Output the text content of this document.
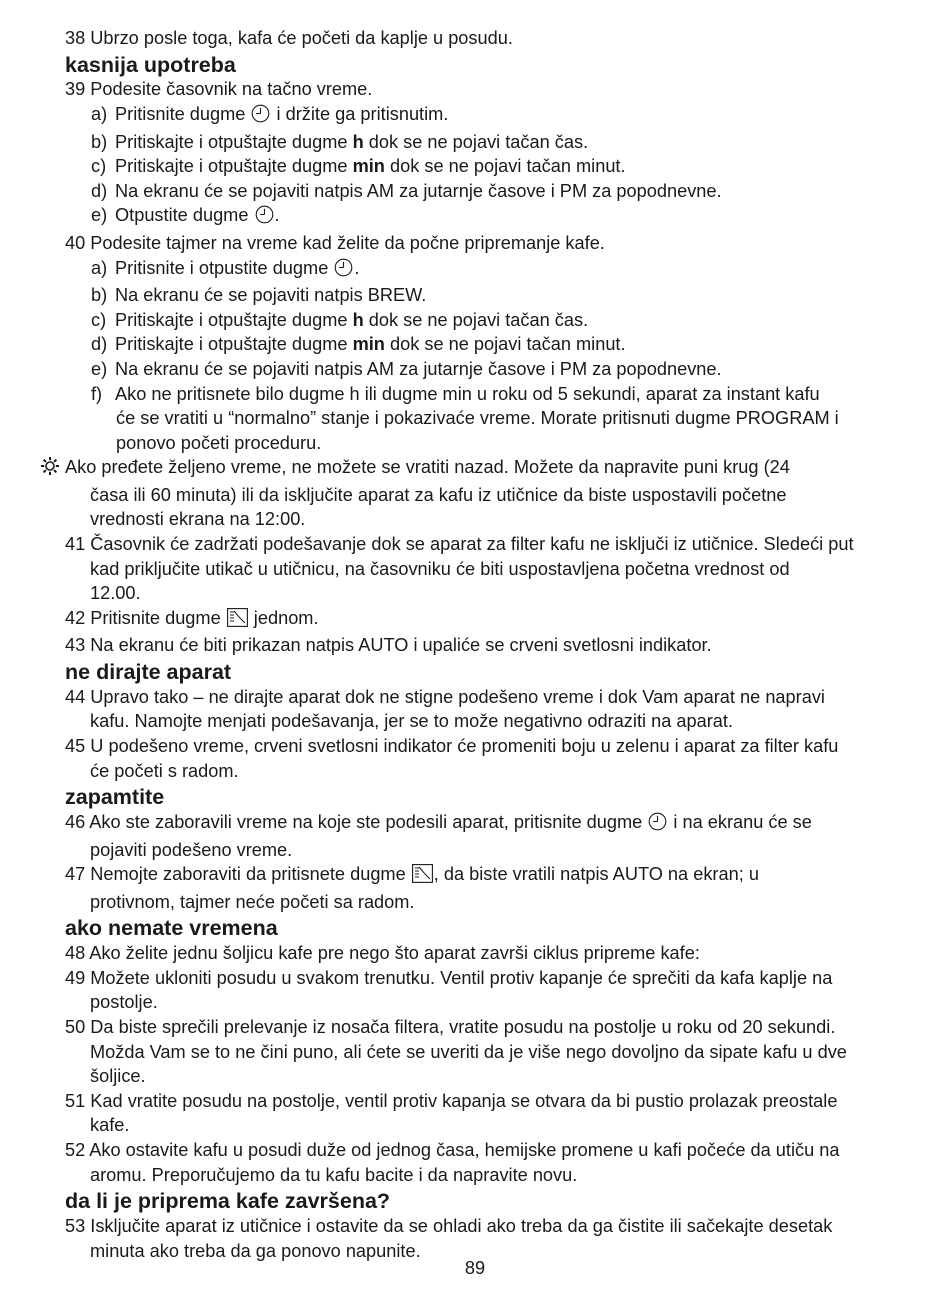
38 Ubrzo posle toga, kafa će početi da kaplje u posudu.
kasnija upotreba
39 Podesite časovnik na tačno vreme.
a) Pritisnite dugme  i držite ga pritisnutim.
b) Pritiskajte i otpuštajte dugme h dok se ne pojavi tačan čas.
c) Pritiskajte i otpuštajte dugme min dok se ne pojavi tačan minut.
d) Na ekranu će se pojaviti natpis AM za jutarnje časove i PM za popodnevne.
e) Otpustite dugme .
40 Podesite tajmer na vreme kad želite da počne pripremanje kafe.
a) Pritisnite i otpustite dugme .
b) Na ekranu će se pojaviti natpis BREW.
c) Pritiskajte i otpuštajte dugme h dok se ne pojavi tačan čas.
d) Pritiskajte i otpuštajte dugme min dok se ne pojavi tačan minut.
e) Na ekranu će se pojaviti natpis AM za jutarnje časove i PM za popodnevne.
f) Ako ne pritisnete bilo dugme h ili dugme min u roku od 5 sekundi, aparat za instant kafu
će se vratiti u “normalno” stanje i pokazivaće vreme. Morate pritisnuti dugme PROGRAM i
ponovo početi proceduru.
Ako pređete željeno vreme, ne možete se vratiti nazad. Možete da napravite puni krug (24
časa ili 60 minuta) ili da isključite aparat za kafu iz utičnice da biste uspostavili početne
vrednosti ekrana na 12:00.
41 Časovnik će zadržati podešavanje dok se aparat za filter kafu ne isključi iz utičnice. Sledeći put
kad priključite utikač u utičnicu, na časovniku će biti uspostavljena početna vrednost od
12.00.
42 Pritisnite dugme  jednom.
43 Na ekranu će biti prikazan natpis AUTO i upaliće se crveni svetlosni indikator.
ne dirajte aparat
44 Upravo tako – ne dirajte aparat dok ne stigne podešeno vreme i dok Vam aparat ne napravi
kafu. Namojte menjati podešavanja, jer se to može negativno odraziti na aparat.
45 U podešeno vreme, crveni svetlosni indikator će promeniti boju u zelenu i aparat za filter kafu
će početi s radom.
zapamtite
46 Ako ste zaboravili vreme na koje ste podesili aparat, pritisnite dugme  i na ekranu će se
pojaviti podešeno vreme.
47 Nemojte zaboraviti da pritisnete dugme , da biste vratili natpis AUTO na ekran; u
protivnom, tajmer neće početi sa radom.
ako nemate vremena
48 Ako želite jednu šoljicu kafe pre nego što aparat završi ciklus pripreme kafe:
49 Možete ukloniti posudu u svakom trenutku. Ventil protiv kapanje će sprečiti da kafa kaplje na
postolje.
50 Da biste sprečili prelevanje iz nosača filtera, vratite posudu na postolje u roku od 20 sekundi.
Možda Vam se to ne čini puno, ali ćete se uveriti da je više nego dovoljno da sipate kafu u dve
šoljice.
51 Kad vratite posudu na postolje, ventil protiv kapanja se otvara da bi pustio prolazak preostale
kafe.
52 Ako ostavite kafu u posudi duže od jednog časa, hemijske promene u kafi počeće da utiču na
aromu. Preporučujemo da tu kafu bacite i da napravite novu.
da li je priprema kafe završena?
53 Isključite aparat iz utičnice i ostavite da se ohladi ako treba da ga čistite ili sačekajte desetak
minuta ako treba da ga ponovo napunite.
89
